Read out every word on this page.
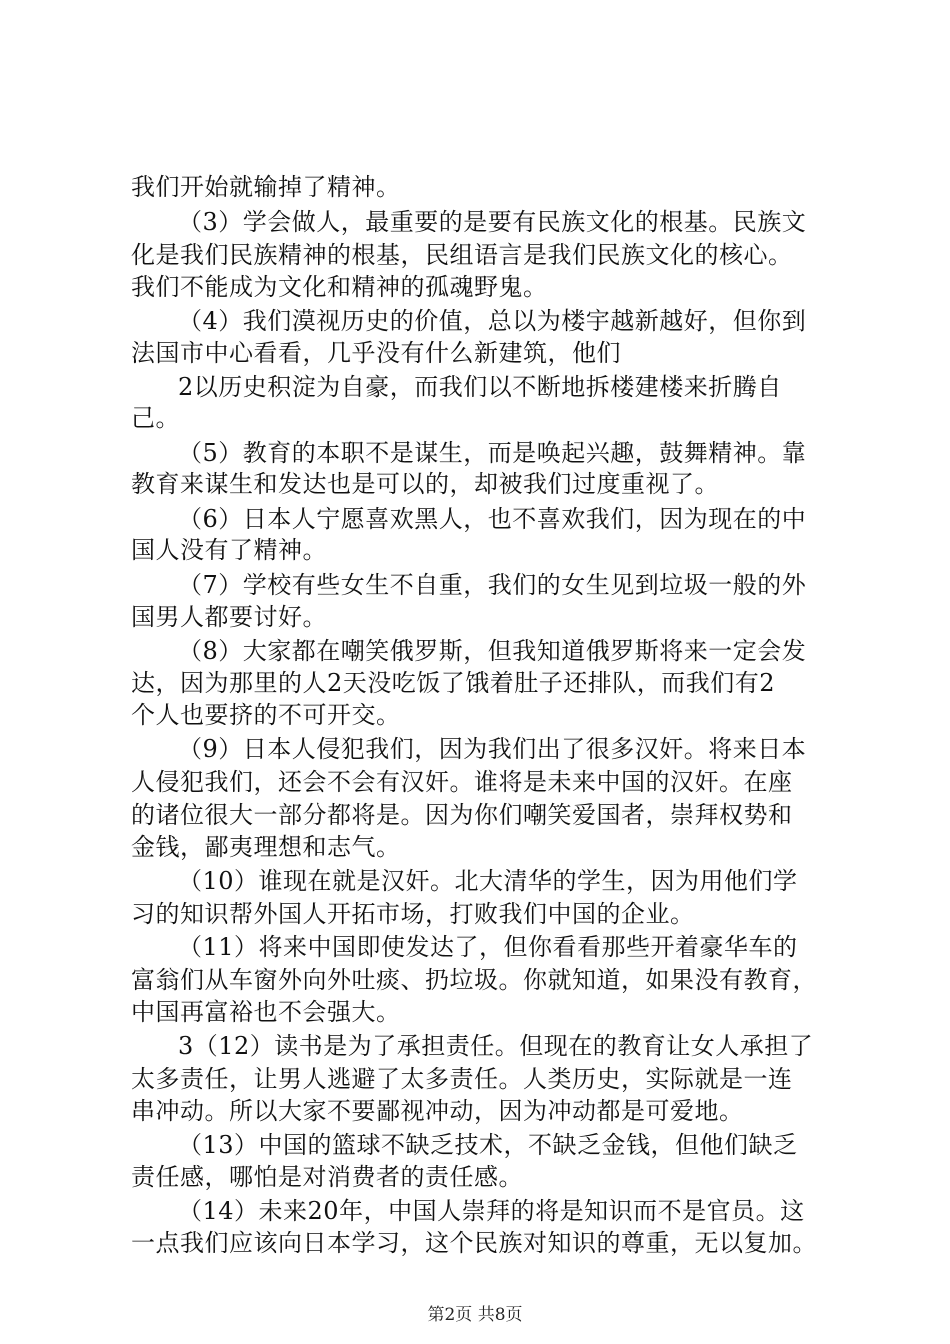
我们开始就输掉了精神。
（3）学会做人，最重要的是要有民族文化的根基。民族文
化是我们民族精神的根基，民组语言是我们民族文化的核心。
我们不能成为文化和精神的孤魂野鬼。
（4）我们漠视历史的价值，总以为楼宇越新越好，但你到
法国市中心看看，几乎没有什么新建筑，他们
2以历史积淀为自豪，而我们以不断地拆楼建楼来折腾自
己。
（5）教育的本职不是谋生，而是唤起兴趣，鼓舞精神。靠
教育来谋生和发达也是可以的，却被我们过度重视了。
（6）日本人宁愿喜欢黑人，也不喜欢我们，因为现在的中
国人没有了精神。
（7）学校有些女生不自重，我们的女生见到垃圾一般的外
国男人都要讨好。
（8）大家都在嘲笑俄罗斯，但我知道俄罗斯将来一定会发
达，因为那里的人2天没吃饭了饿着肚子还排队，而我们有2
个人也要挤的不可开交。
（9）日本人侵犯我们，因为我们出了很多汉奸。将来日本
人侵犯我们，还会不会有汉奸。谁将是未来中国的汉奸。在座
的诸位很大一部分都将是。因为你们嘲笑爱国者，崇拜权势和
金钱，鄙夷理想和志气。
（10）谁现在就是汉奸。北大清华的学生，因为用他们学
习的知识帮外国人开拓市场，打败我们中国的企业。
（11）将来中国即使发达了，但你看看那些开着豪华车的
富翁们从车窗外向外吐痰、扔垃圾。你就知道，如果没有教育，
中国再富裕也不会强大。
3（12）读书是为了承担责任。但现在的教育让女人承担了
太多责任，让男人逃避了太多责任。人类历史，实际就是一连
串冲动。所以大家不要鄙视冲动，因为冲动都是可爱地。
（13）中国的篮球不缺乏技术，不缺乏金钱，但他们缺乏
责任感，哪怕是对消费者的责任感。
（14）未来20年，中国人崇拜的将是知识而不是官员。这
一点我们应该向日本学习，这个民族对知识的尊重，无以复加。
第2页 共8页
